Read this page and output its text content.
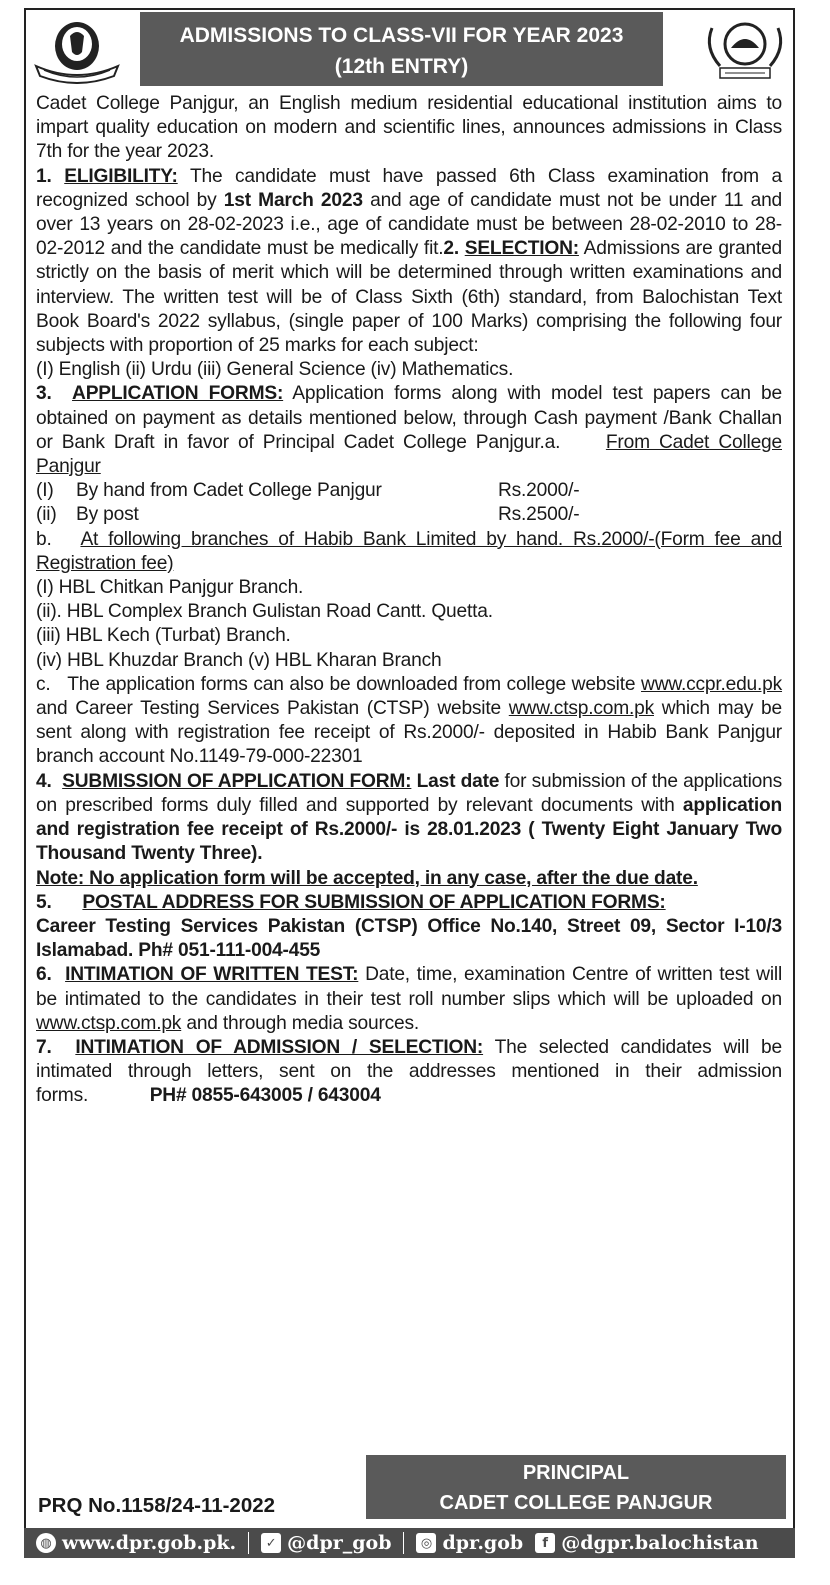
ADMISSIONS TO CLASS-VII FOR YEAR 2023
(12th ENTRY)

Cadet College Panjgur, an English medium residential educational institution aims to impart quality education on modern and scientific lines, announces admissions in Class 7th for the year 2023.

1. ELIGIBILITY: The candidate must have passed 6th Class examination from a recognized school by 1st March 2023 and age of candidate must not be under 11 and over 13 years on 28-02-2023 i.e., age of candidate must be between 28-02-2010 to 28-02-2012 and the candidate must be medically fit.2. SELECTION: Admissions are granted strictly on the basis of merit which will be determined through written examinations and interview. The written test will be of Class Sixth (6th) standard, from Balochistan Text Book Board's 2022 syllabus, (single paper of 100 Marks) comprising the following four subjects with proportion of 25 marks for each subject:

(I) English (ii) Urdu (iii) General Science (iv) Mathematics.

3. APPLICATION FORMS: Application forms along with model test papers can be obtained on payment as details mentioned below, through Cash payment /Bank Challan or Bank Draft in favor of Principal Cadet College Panjgur.a. From Cadet College Panjgur

(I)	By hand from Cadet College Panjgur	Rs.2000/-
(ii)	By post	Rs.2500/-

b. At following branches of Habib Bank Limited by hand. Rs.2000/-(Form fee and Registration fee)

(I) HBL Chitkan Panjgur Branch.

(ii). HBL Complex Branch Gulistan Road Cantt. Quetta.

(iii) HBL Kech (Turbat) Branch.

(iv) HBL Khuzdar Branch (v) HBL Kharan Branch

c. The application forms can also be downloaded from college website www.ccpr.edu.pk and Career Testing Services Pakistan (CTSP) website www.ctsp.com.pk which may be sent along with registration fee receipt of Rs.2000/- deposited in Habib Bank Panjgur branch account No.1149-79-000-22301

4. SUBMISSION OF APPLICATION FORM: Last date for submission of the applications on prescribed forms duly filled and supported by relevant documents with application and registration fee receipt of Rs.2000/- is 28.01.2023 ( Twenty Eight January Two Thousand Twenty Three).

Note: No application form will be accepted, in any case, after the due date.

5. POSTAL ADDRESS FOR SUBMISSION OF APPLICATION FORMS:

Career Testing Services Pakistan (CTSP) Office No.140, Street 09, Sector I-10/3 Islamabad. Ph# 051-111-004-455

6. INTIMATION OF WRITTEN TEST: Date, time, examination Centre of written test will be intimated to the candidates in their test roll number slips which will be uploaded on www.ctsp.com.pk and through media sources.

7. INTIMATION OF ADMISSION / SELECTION: The selected candidates will be intimated through letters, sent on the addresses mentioned in their admission forms.	PH# 0855-643005 / 643004

PRINCIPAL
CADET COLLEGE PANJGUR
PRQ No.1158/24-11-2022
◍ www.dpr.gob.pk.	✓ @dpr_gob	◎ dpr.gob	f @dgpr.balochistan
